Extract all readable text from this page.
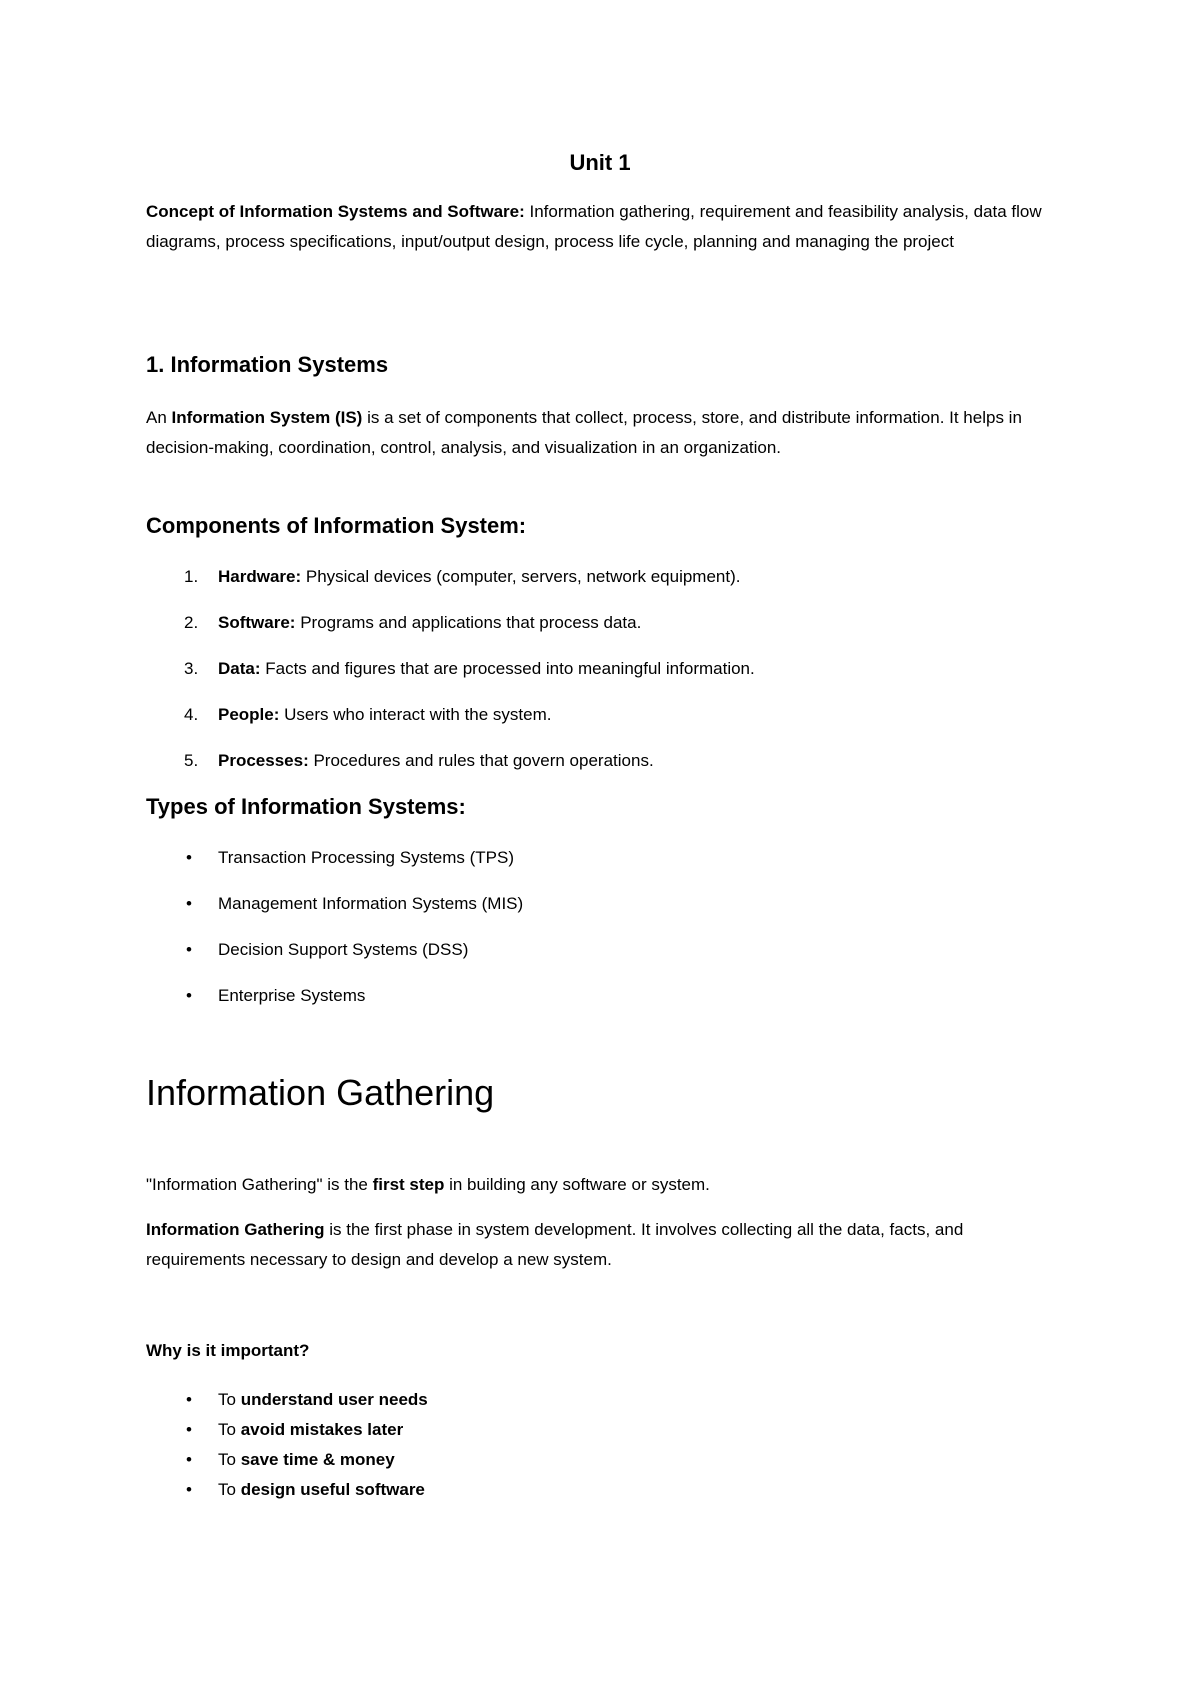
Unit 1

Concept of Information Systems and Software: Information gathering, requirement and feasibility analysis, data flow diagrams, process specifications, input/output design, process life cycle, planning and managing the project

1. Information Systems

An Information System (IS) is a set of components that collect, process, store, and distribute information. It helps in decision-making, coordination, control, analysis, and visualization in an organization.

Components of Information System:
1.	Hardware: Physical devices (computer, servers, network equipment).
2.	Software: Programs and applications that process data.
3.	Data: Facts and figures that are processed into meaningful information.
4.	People: Users who interact with the system.
5.	Processes: Procedures and rules that govern operations.
Types of Information Systems:
• Transaction Processing Systems (TPS)
• Management Information Systems (MIS)
• Decision Support Systems (DSS)
• Enterprise Systems
Information Gathering

"Information Gathering" is the first step in building any software or system.

Information Gathering is the first phase in system development. It involves collecting all the data, facts, and requirements necessary to design and develop a new system.

Why is it important?

• To understand user needs
• To avoid mistakes later
• To save time & money
• To design useful software
